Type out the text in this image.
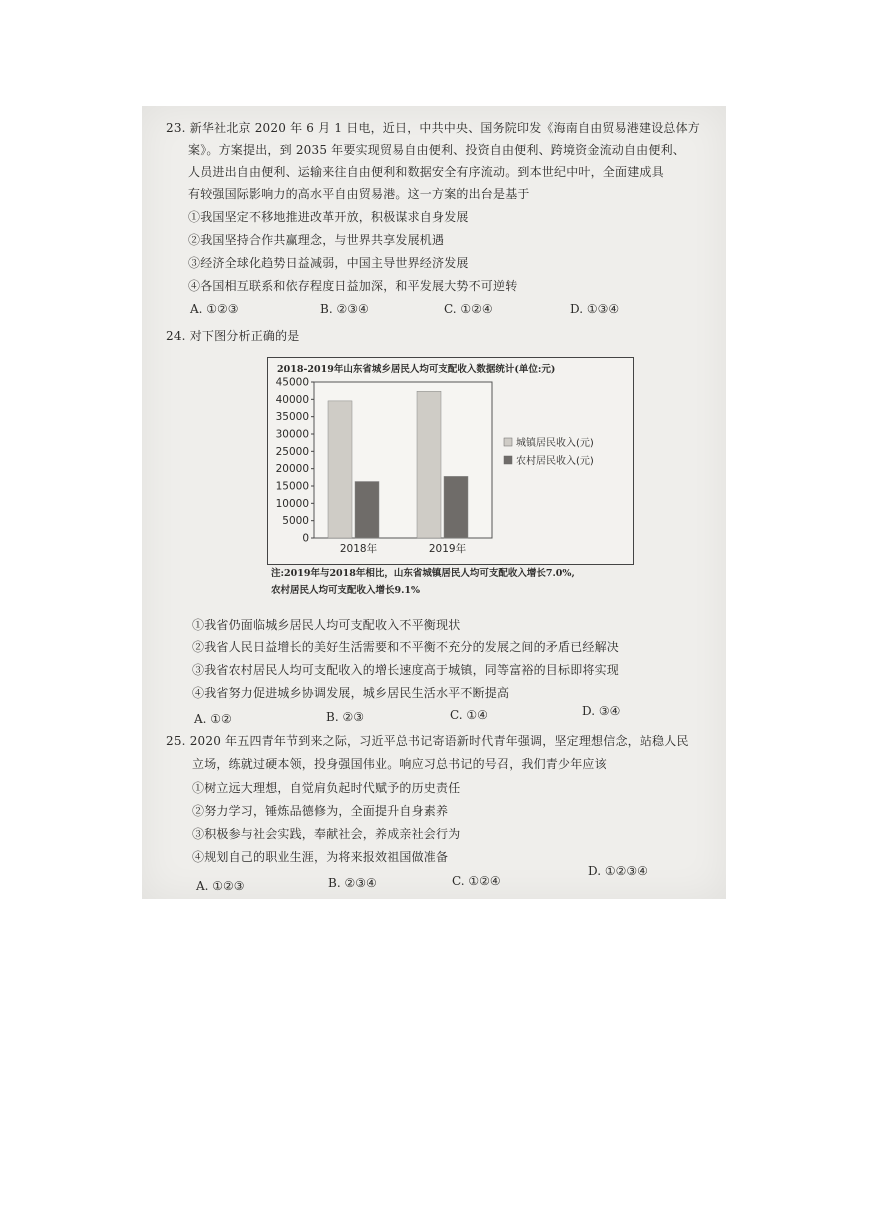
23. 新华社北京 2020 年 6 月 1 日电，近日，中共中央、国务院印发《海南自由贸易港建设总体方
案》。方案提出，到 2035 年要实现贸易自由便利、投资自由便利、跨境资金流动自由便利、
人员进出自由便利、运输来往自由便利和数据安全有序流动。到本世纪中叶，全面建成具
有较强国际影响力的高水平自由贸易港。这一方案的出台是基于
①我国坚定不移地推进改革开放，积极谋求自身发展
②我国坚持合作共赢理念，与世界共享发展机遇
③经济全球化趋势日益减弱，中国主导世界经济发展
④各国相互联系和依存程度日益加深，和平发展大势不可逆转
A. ①②③	B. ②③④	C. ①②④	D. ①③④
24. 对下图分析正确的是
2018-2019年山东省城乡居民人均可支配收入数据统计(单位:元)
0
5000
10000
15000
20000
25000
30000
35000
40000
45000
2018年	2019年
城镇居民收入(元)
农村居民收入(元)
注:2019年与2018年相比，山东省城镇居民人均可支配收入增长7.0%,
农村居民人均可支配收入增长9.1%
①我省仍面临城乡居民人均可支配收入不平衡现状
②我省人民日益增长的美好生活需要和不平衡不充分的发展之间的矛盾已经解决
③我省农村居民人均可支配收入的增长速度高于城镇，同等富裕的目标即将实现
④我省努力促进城乡协调发展，城乡居民生活水平不断提高
A. ①②	B. ②③	C. ①④	D. ③④
25. 2020 年五四青年节到来之际，习近平总书记寄语新时代青年强调，坚定理想信念，站稳人民
立场，练就过硬本领，投身强国伟业。响应习总书记的号召，我们青少年应该
①树立远大理想，自觉肩负起时代赋予的历史责任
②努力学习，锤炼品德修为，全面提升自身素养
③积极参与社会实践，奉献社会，养成亲社会行为
④规划自己的职业生涯，为将来报效祖国做准备
A. ①②③	B. ②③④	C. ①②④
D. ①②③④
